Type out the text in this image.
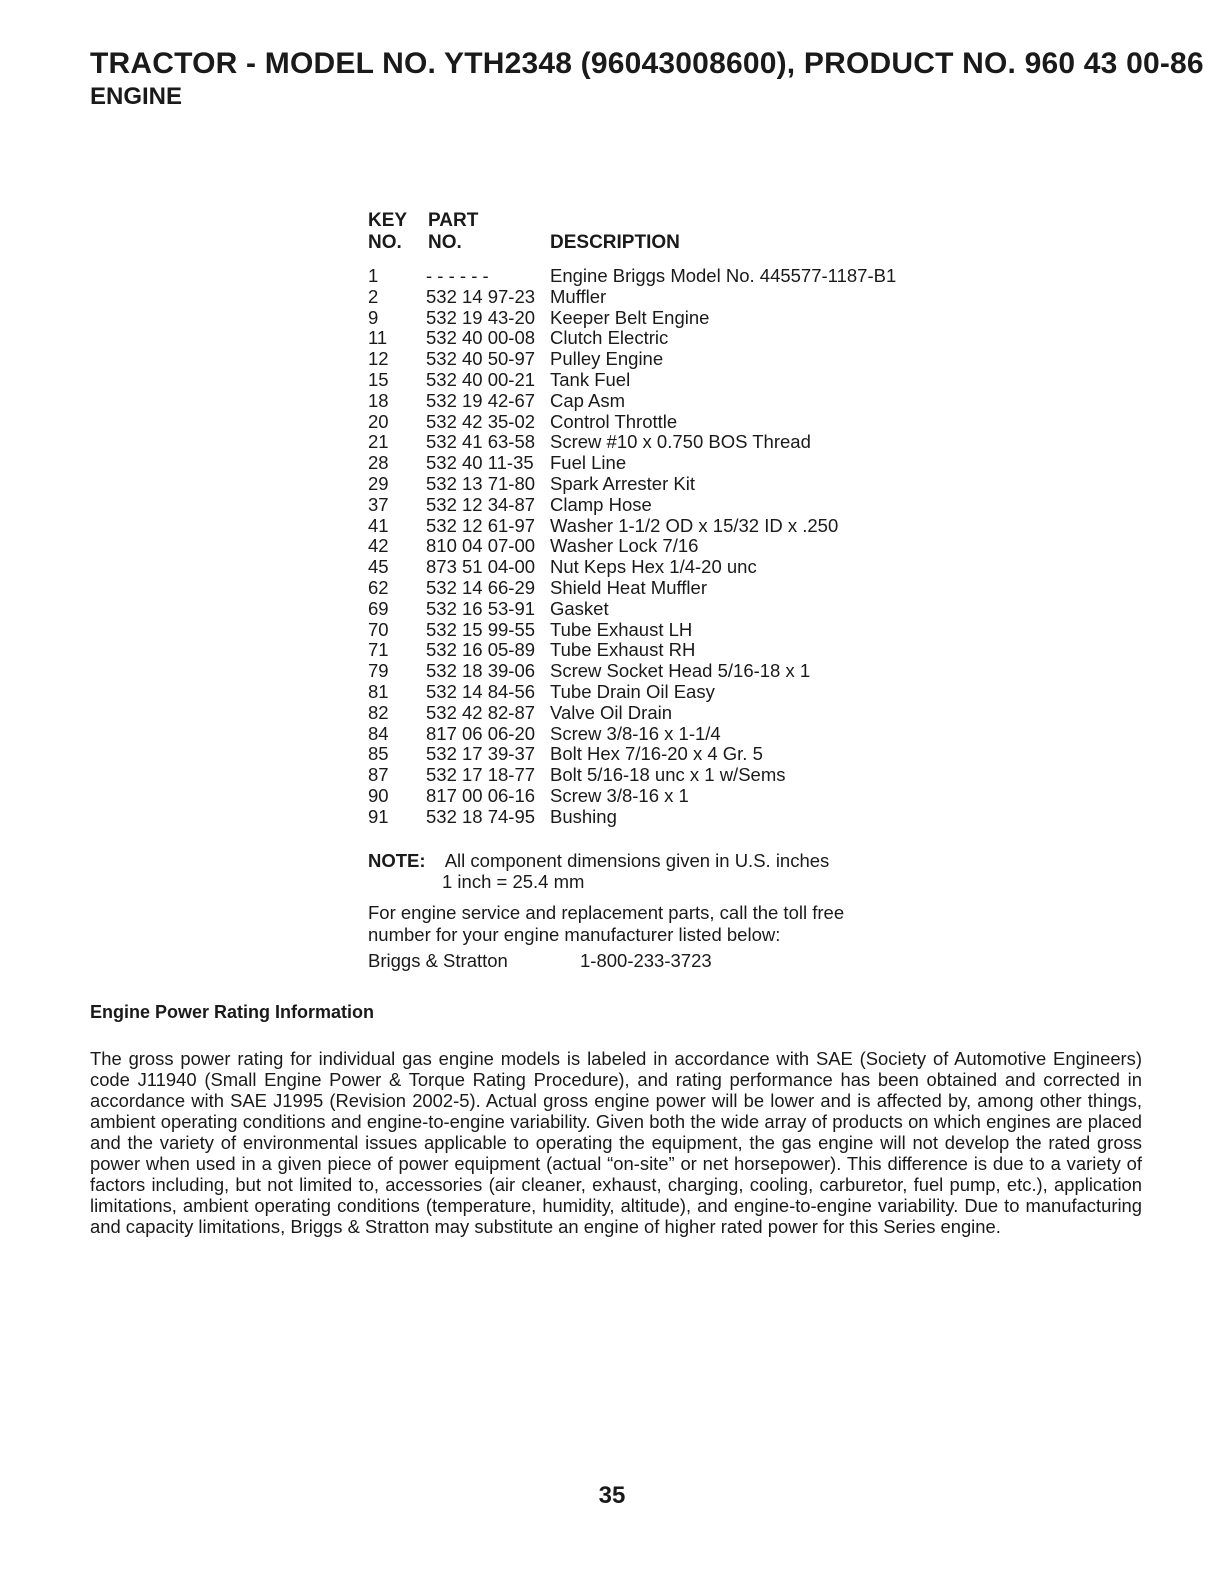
TRACTOR - MODEL NO. YTH2348 (96043008600), PRODUCT NO. 960 43 00-86
ENGINE
KEY
NO.
PART
NO.	DESCRIPTION
1	- - - - - -	Engine Briggs Model No. 445577-1187-B1
2	532 14 97-23 Muffler
9	532 19 43-20 Keeper Belt Engine
11	532 40 00-08 Clutch Electric
12	532 40 50-97 Pulley Engine
15	532 40 00-21 Tank Fuel
18	532 19 42-67 Cap Asm
20	532 42 35-02 Control Throttle
21	532 41 63-58 Screw #10 x 0.750 BOS Thread
28	532 40 11-35 Fuel Line
29	532 13 71-80 Spark Arrester Kit
37	532 12 34-87 Clamp Hose
41	532 12 61-97 Washer 1-1/2 OD x 15/32 ID x .250
42	810 04 07-00 Washer Lock 7/16
45	873 51 04-00 Nut Keps Hex 1/4-20 unc
62	532 14 66-29 Shield Heat Muffler
69	532 16 53-91 Gasket
70	532 15 99-55 Tube Exhaust LH
71	532 16 05-89 Tube Exhaust RH
79	532 18 39-06 Screw Socket Head 5/16-18 x 1
81	532 14 84-56 Tube Drain Oil Easy
82	532 42 82-87 Valve Oil Drain
84	817 06 06-20 Screw 3/8-16 x 1-1/4
85	532 17 39-37 Bolt Hex 7/16-20 x 4 Gr. 5
87	532 17 18-77 Bolt 5/16-18 unc x 1 w/Sems
90	817 00 06-16 Screw 3/8-16 x 1
91	532 18 74-95 Bushing
NOTE: All component dimensions given in U.S. inches
1 inch = 25.4 mm
For engine service and replacement parts, call the toll free
number for your engine manufacturer listed below:
Briggs & Stratton	1-800-233-3723
Engine Power Rating Information
The gross power rating for individual gas engine models is labeled in accordance with SAE (Society of Automotive Engineers) code J11940 (Small Engine Power & Torque Rating Procedure), and rating performance has been obtained and corrected in accordance with SAE J1995 (Revision 2002-5). Actual gross engine power will be lower and is affected by, among other things, ambient operating conditions and engine-to-engine variability. Given both the wide array of products on which engines are placed and the variety of environmental issues applicable to operating the equipment, the gas engine will not develop the rated gross power when used in a given piece of power equipment (actual “on-site” or net horsepower). This difference is due to a variety of factors including, but not limited to, accessories (air cleaner, exhaust, charging, cooling, carburetor, fuel pump, etc.), application limitations, ambient operating conditions (temperature, humidity, altitude), and engine-to-engine variability. Due to manufacturing and capacity limitations, Briggs & Stratton may substitute an engine of higher rated power for this Series engine.
35
